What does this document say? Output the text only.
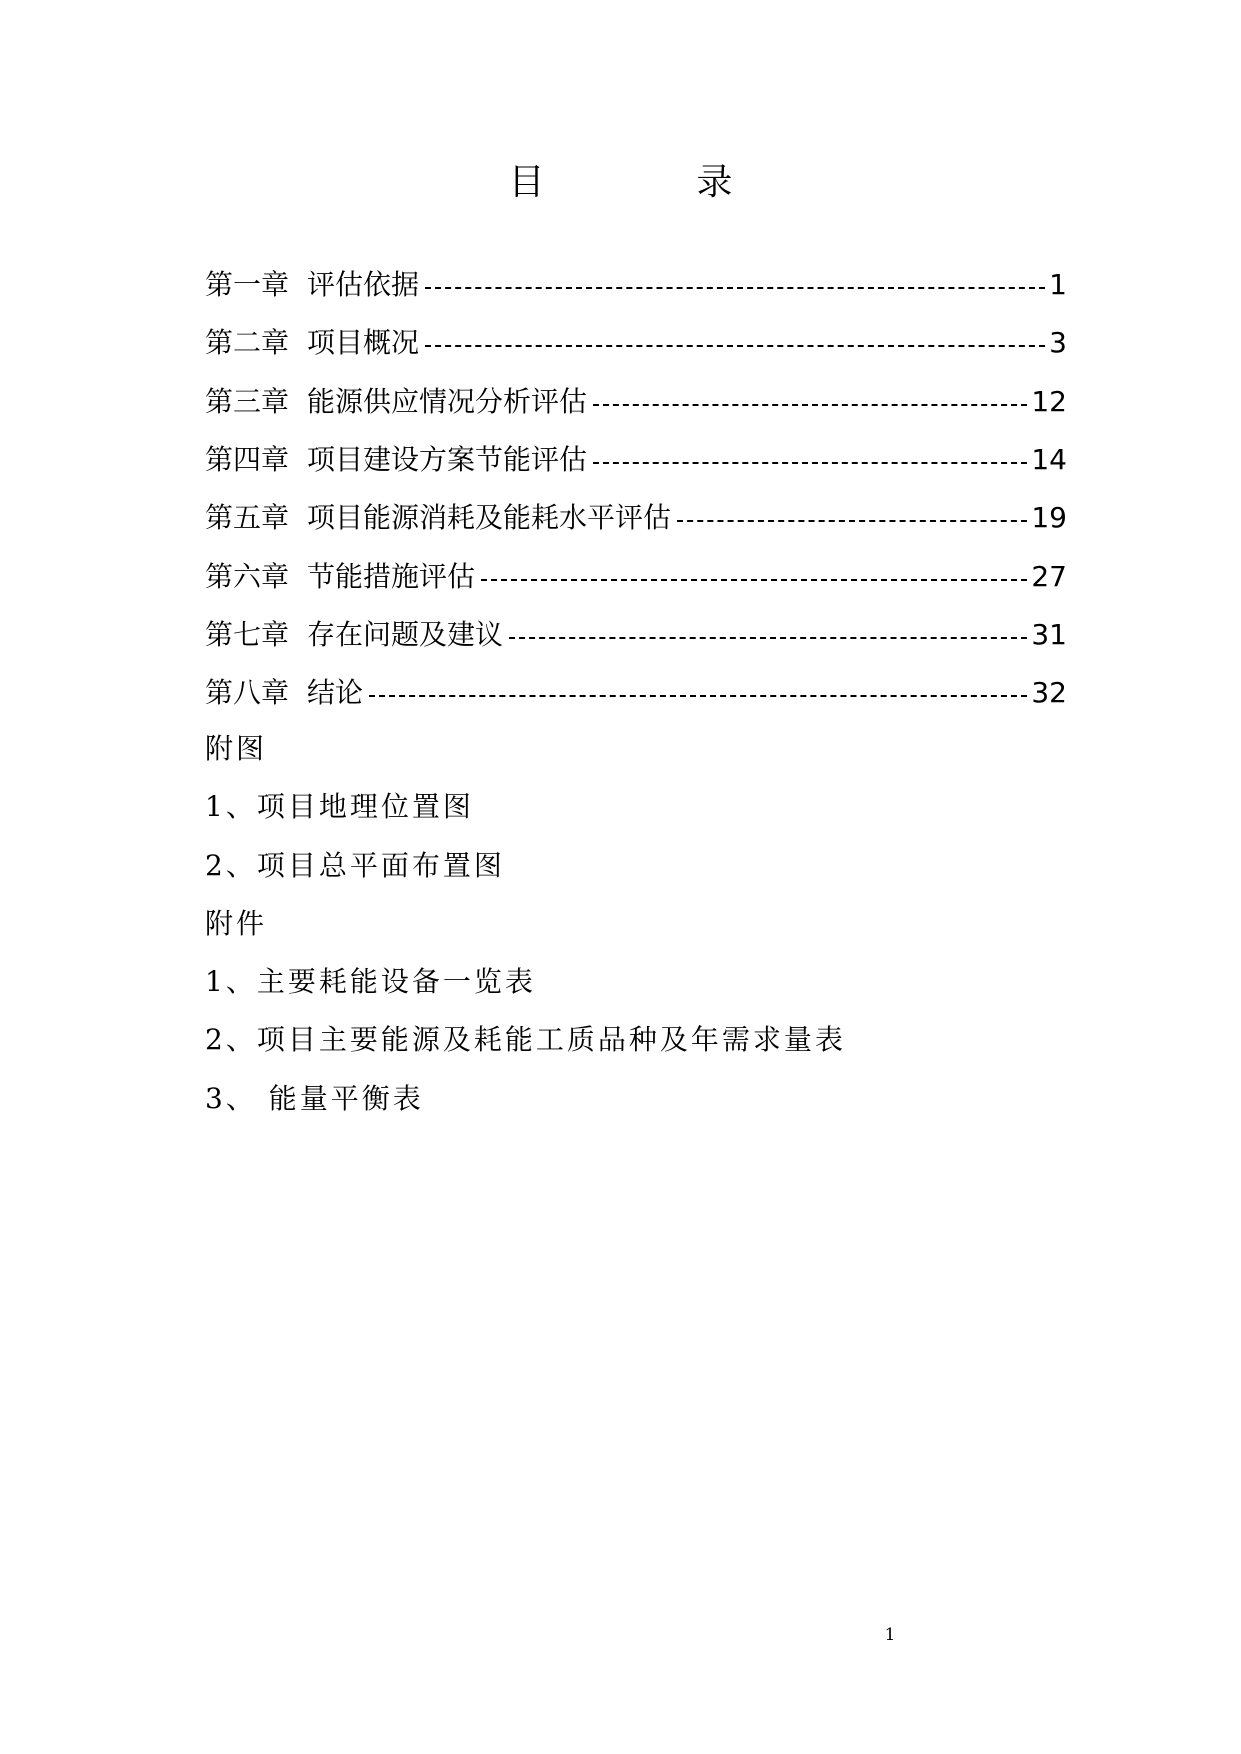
目　录
第一章 评估依据	1
第二章 项目概况	3
第三章 能源供应情况分析评估	12
第四章 项目建设方案节能评估	14
第五章 项目能源消耗及能耗水平评估	19
第六章 节能措施评估	27
第七章 存在问题及建议	31
第八章 结论	32
附图
1、项目地理位置图
2、项目总平面布置图
附件
1、主要耗能设备一览表
2、项目主要能源及耗能工质品种及年需求量表
3、 能量平衡表
1
